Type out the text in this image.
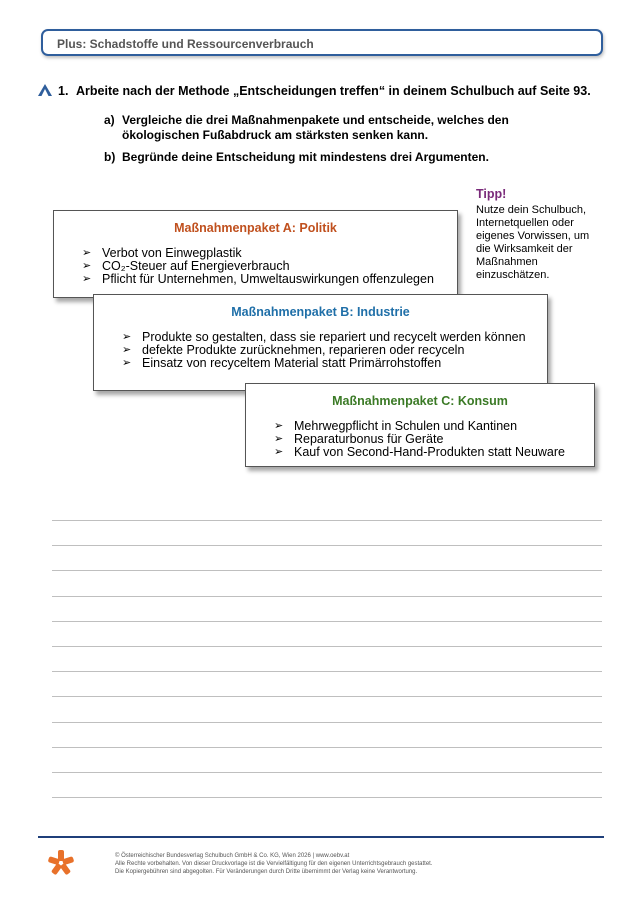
Plus: Schadstoffe und Ressourcenverbrauch
1. Arbeite nach der Methode „Entscheidungen treffen“ in deinem Schulbuch auf Seite 93.
a) Vergleiche die drei Maßnahmenpakete und entscheide, welches den
ökologischen Fußabdruck am stärksten senken kann.
b) Begründe deine Entscheidung mit mindestens drei Argumenten.
Tipp!
Nutze dein Schulbuch, Internetquellen oder eigenes Vorwissen, um die Wirksamkeit der Maßnahmen einzuschätzen.
Maßnahmenpaket A: Politik
➢ Verbot von Einwegplastik
➢ CO₂-Steuer auf Energieverbrauch
➢ Pflicht für Unternehmen, Umweltauswirkungen offenzulegen
Maßnahmenpaket B: Industrie
➢ Produkte so gestalten, dass sie repariert und recycelt werden können
➢ defekte Produkte zurücknehmen, reparieren oder recyceln
➢ Einsatz von recyceltem Material statt Primärrohstoffen
Maßnahmenpaket C: Konsum
➢ Mehrwegpflicht in Schulen und Kantinen
➢ Reparaturbonus für Geräte
➢ Kauf von Second-Hand-Produkten statt Neuware
© Österreichischer Bundesverlag Schulbuch GmbH & Co. KG, Wien 2026 | www.oebv.at
Alle Rechte vorbehalten. Von dieser Druckvorlage ist die Vervielfältigung für den eigenen Unterrichtsgebrauch gestattet.
Die Kopiergebühren sind abgegolten. Für Veränderungen durch Dritte übernimmt der Verlag keine Verantwortung.
